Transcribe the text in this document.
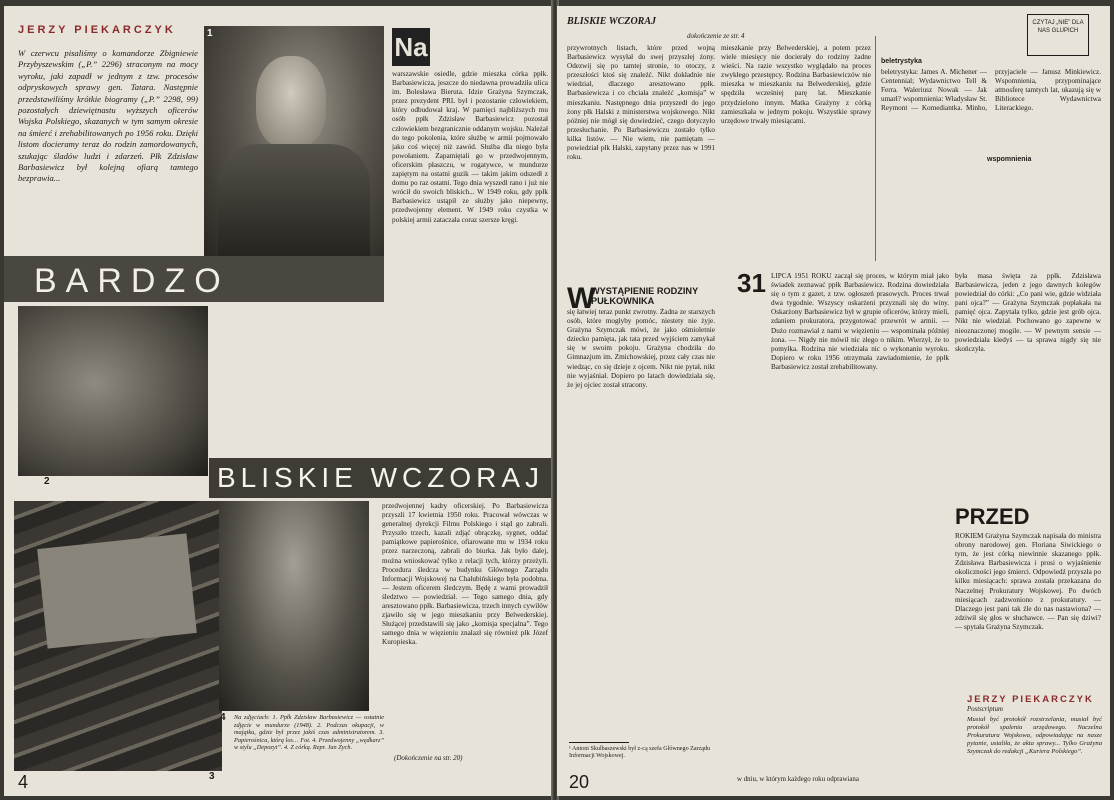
JERZY PIEKARCZYK
W czerwcu pisaliśmy o komandorze Zbigniewie Przybyszewskim („P.” 2296) straconym na mocy wyroku, jaki zapadł w jednym z tzw. procesów odpryskowych sprawy gen. Tatara. Następnie przedstawiliśmy krótkie biogramy („P.” 2298, 99) pozostałych dziewiętnastu wyższych oficerów Wojska Polskiego, skazanych w tym samym okresie na śmierć i zrehabilitowanych po 1956 roku. Dzięki listom docieramy teraz do rodzin zamordowanych, szukając śladów ludzi i zdarzeń. Płk Zdzisław Barbasiewicz był kolejną ofiarą tamtego bezprawia...
1	Na
warszawskie osiedle, gdzie mieszka córka ppłk. Barbasiewicza, jeszcze do niedawna prowadziła ulica im. Bolesława Bieruta. Idzie Grażyna Szymczak, przez prezydent PRL był i pozostanie człowiekiem, który odbudował kraj. W pamięci najbliższych mu osób ppłk Zdzisław Barbasiewicz pozostał człowiekiem bezgranicznie oddanym wojsku. Należał do tego pokolenia, które służbę w armii pojmowało jako coś więcej niż zawód. Służba dla niego była powołaniem. Zapamiętali go w przedwojennym, oficerskim płaszczu, w rogatywce, w mundurze zapiętym na ostatni guzik — takim jakim odszedł z domu po raz ostatni. Tego dnia wyszedł rano i już nie wrócił do swoich bliskich... W 1949 roku, gdy ppłk Barbasiewicz ustąpił ze służby jako niepewny, przedwojenny element. W 1949 roku czystka w polskiej armii zataczała coraz szersze kręgi.
BARDZO
2	BLISKIE WCZORAJ
3
4
przedwojennej kadry oficerskiej. Po Barbasiewicza przyszli 17 kwietnia 1950 roku. Pracował wówczas w generalnej dyrekcji Filmu Polskiego i stąd go zabrali. Przyszło trzech, kazali zdjąć obrączkę, sygnet, oddać pamiątkowe papierośnice, ofiarowane mu w 1934 roku przez narzeczoną, zabrali do biurka. Jak było dalej, można wnioskować tylko z relacji tych, którzy przeżyli. Procedura śledcza w budynku Głównego Zarządu Informacji Wojskowej na Chałubińskiego była podobna. — Jestem oficerem śledczym. Będę z wami prowadził śledztwo — powiedział. — Tego samego dnia, gdy aresztowano ppłk. Barbasiewicza, trzech innych cywilów zjawiło się w jego mieszkaniu przy Belwederskiej. Służącej przedstawili się jako „komisja specjalna”. Tego samego dnia w więzieniu znalazł się również płk Józef Kuropieska.
Na zdjęciach: 1. Ppłk Zdzisław Barbasiewicz — ostatnie zdjęcie w mundurze (1948). 2. Podczas okupacji, w majątku, gdzie był przez jakiś czas administratorem. 3. Papierośnica, którą los… Fot. 4. Przedwojenny „wędkarz” w stylu „Depozyt”. 4. Z córką. Repr. Jan Zych.
(Dokończenie na str. 20)
4
BLISKIE WCZORAJ
dokończenie ze str. 4
CZYTAJ „NIE” DLA NAS GLUPICH
przywrotnych listach, które przed wojną Barbasiewicz wysyłał do swej przyszłej żony. Odezwij się po tamtej stronie, to otoczy, z przeszłości ktoś się znaleźć. Nikt dokładnie nie wiedział, dlaczego aresztowano ppłk. Barbasiewicza i co chciała znaleźć „komisja” w mieszkaniu. Następnego dnia przyszedł do jego żony płk Halski z ministerstwa wojskowego. Nikt później nie mógł się dowiedzieć, czego dotyczyło przesłuchanie. Po Barbasiewiczu zostało tylko kilka listów. — Nie wiem, nie pamiętam — powiedział płk Halski, zapytany przez nas w 1991 roku.
mieszkanie przy Belwederskiej, a potem przez wiele miesięcy nie docierały do rodziny żadne wieści. Na razie wszystko wyglądało na proces zwykłego przestępcy. Rodzina Barbasiewiczów nie mieszka w mieszkaniu na Belwederskiej, gdzie spędziła wcześniej parę lat. Mieszkanie przydzielono innym. Matka Grażyny z córką zamieszkała w jednym pokoju. Wszystkie sprawy urzędowe trwały miesiącami.
beletrystyka
wspomnienia
beletrystyka: James A. Michener — Centennial; Wydawnictwo Tell & Ferra. Waleriusz Nowak — Jak umarł? wspomnienia: Władysław St. Reymont — Komediantka. Minho, przyjaciele — Janusz Minkiewicz. Wspomnienia, przypominające atmosferę tamtych lat, ukazują się w Bibliotece Wydawnictwa Literackiego.
W
WYSTĄPIENIE RODZINY PUŁKOWNIKA
się łatwiej teraz punkt zwrotny. Żadna ze starszych osób, które mogłyby pomóc, niestety nie żyje. Grażyna Szymczak mówi, że jako ośmioletnie dziecko pamięta, jak tata przed wyjściem zamykał się w swoim pokoju. Grażyna chodziła do Gimnazjum im. Zmichowskiej, przez cały czas nie wiedząc, co się dzieje z ojcem. Nikt nie pytał, nikt nie wyjaśniał. Dopiero po latach dowiedziała się, że jej ojciec został stracony.
¹ Antoni Skulbaszewski był z-cą szefa Głównego Zarządu Informacji Wojskowej.
20
31 LIPCA 1951 ROKU zaczął się proces, w którym miał jako świadek zeznawać ppłk Barbasiewicz. Rodzina dowiedziała się o tym z gazet, z tzw. ogłoszeń prasowych. Proces trwał dwa tygodnie. Wszyscy oskarżeni przyznali się do winy. Oskarżony Barbasiewicz był w grupie oficerów, którzy mieli, zdaniem prokuratora, przygotować przewrót w armii. — Dużo rozmawiał z nami w więzieniu — wspominała później żona. — Nigdy nie mówił nic złego o nikim. Wierzył, że to pomyłka. Rodzina nie wiedziała nic o wykonaniu wyroku. Dopiero w roku 1956 otrzymała zawiadomienie, że ppłk Barbasiewicz został zrehabilitowany.
w dniu, w którym każdego roku odprawiana
była masa święta za ppłk. Zdzisława Barbasiewicza, jeden z jego dawnych kolegów powiedział do córki: „Co pani wie, gdzie widziała pani ojca?” — Grażyna Szymczak popłakała na pamięć ojca. Zapytała tylko, gdzie jest grób ojca. Nikt nie wiedział. Pochowano go zapewne w nieoznaczonej mogile. — W pewnym sensie — powiedziała kiedyś — ta sprawa nigdy się nie skończyła.
PRZED
ROKIEM Grażyna Szymczak napisała do ministra obrony narodowej gen. Floriana Siwickiego o tym, że jest córką niewinnie skazanego ppłk. Zdzisława Barbasiewicza i prosi o wyjaśnienie okoliczności jego śmierci. Odpowiedź przyszła po kilku miesiącach: sprawa została przekazana do Naczelnej Prokuratury Wojskowej. Po dwóch miesiącach zadzwoniono z prokuratury. — Dlaczego jest pani tak źle do nas nastawiona? — zdziwił się głos w słuchawce. — Pan się dziwi? — spytała Grażyna Szymczak.
JERZY PIEKARCZYK
Postscriptum
Musiał być protokół rozstrzelania, musiał być protokół spalenia urzędowego. Naczelna Prokuratura Wojskowa, odpowiadając na nasze pytanie, ustaliła, że akta sprawy... Tylko Grażyna Szymczak do redakcji „Kuriera Polskiego”.
